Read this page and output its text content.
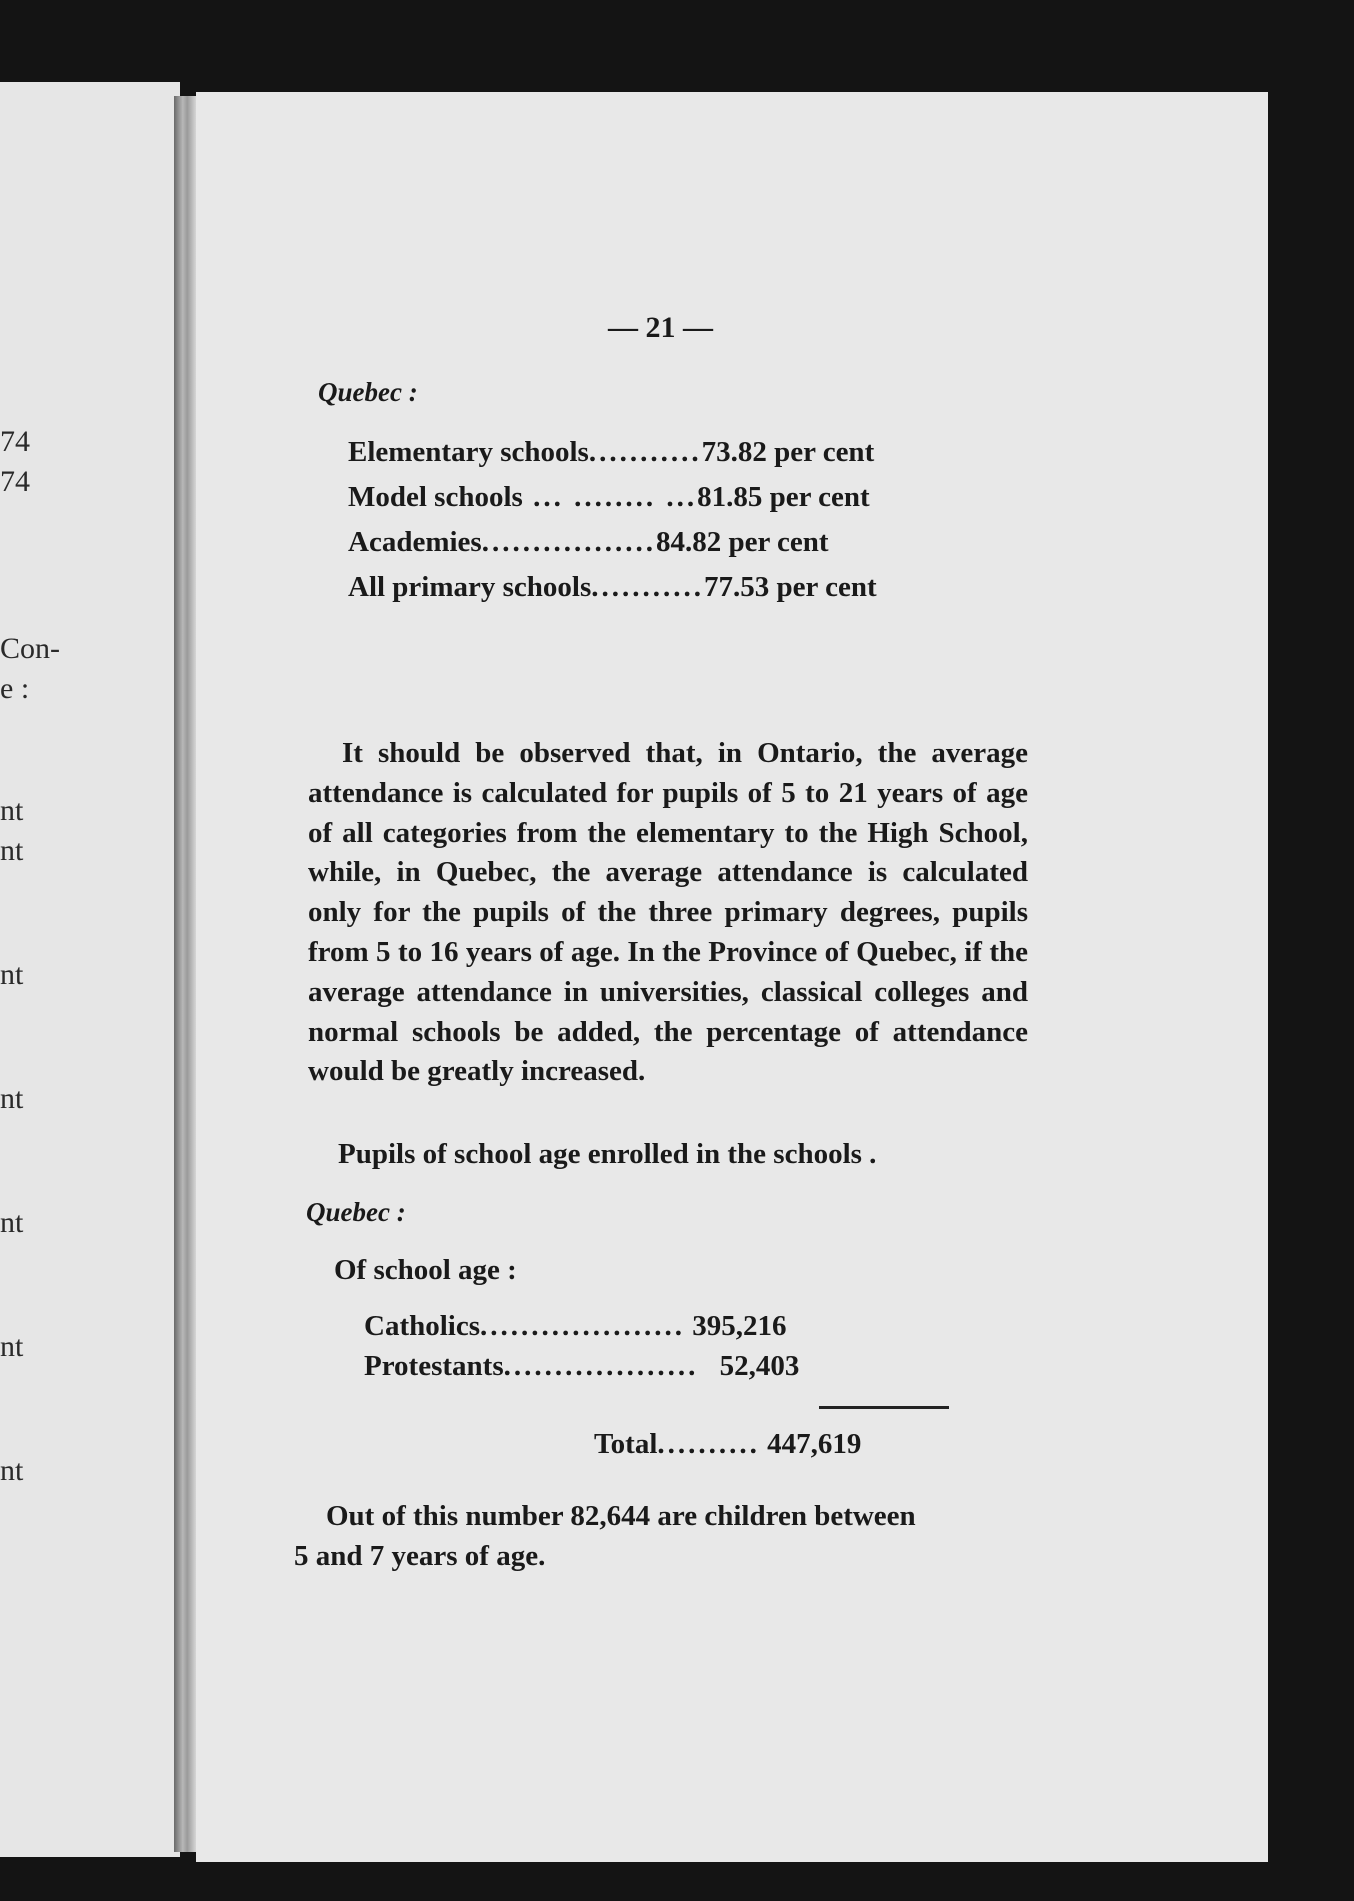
74
74
Con-
e :
nt
nt
nt
nt
nt
nt
nt
— 21 —
Quebec :
Elementary schools...........73.82 per cent
Model schools ... ........ ...81.85 per cent
Academies.................84.82 per cent
All primary schools...........77.53 per cent

It should be observed that, in Ontario, the average attendance is calculated for pupils of 5 to 21 years of age of all categories from the elementary to the High School, while, in Quebec, the average attendance is calculated only for the pupils of the three primary degrees, pupils from 5 to 16 years of age. In the Province of Quebec, if the average attendance in universities, classical colleges and normal schools be added, the percentage of attendance would be greatly increased.

Pupils of school age enrolled in the schools .
Quebec :
Of school age :
Catholics.................... 395,216
Protestants................... 52,403
Total.......... 447,619
Out of this number 82,644 are children between
5 and 7 years of age.
